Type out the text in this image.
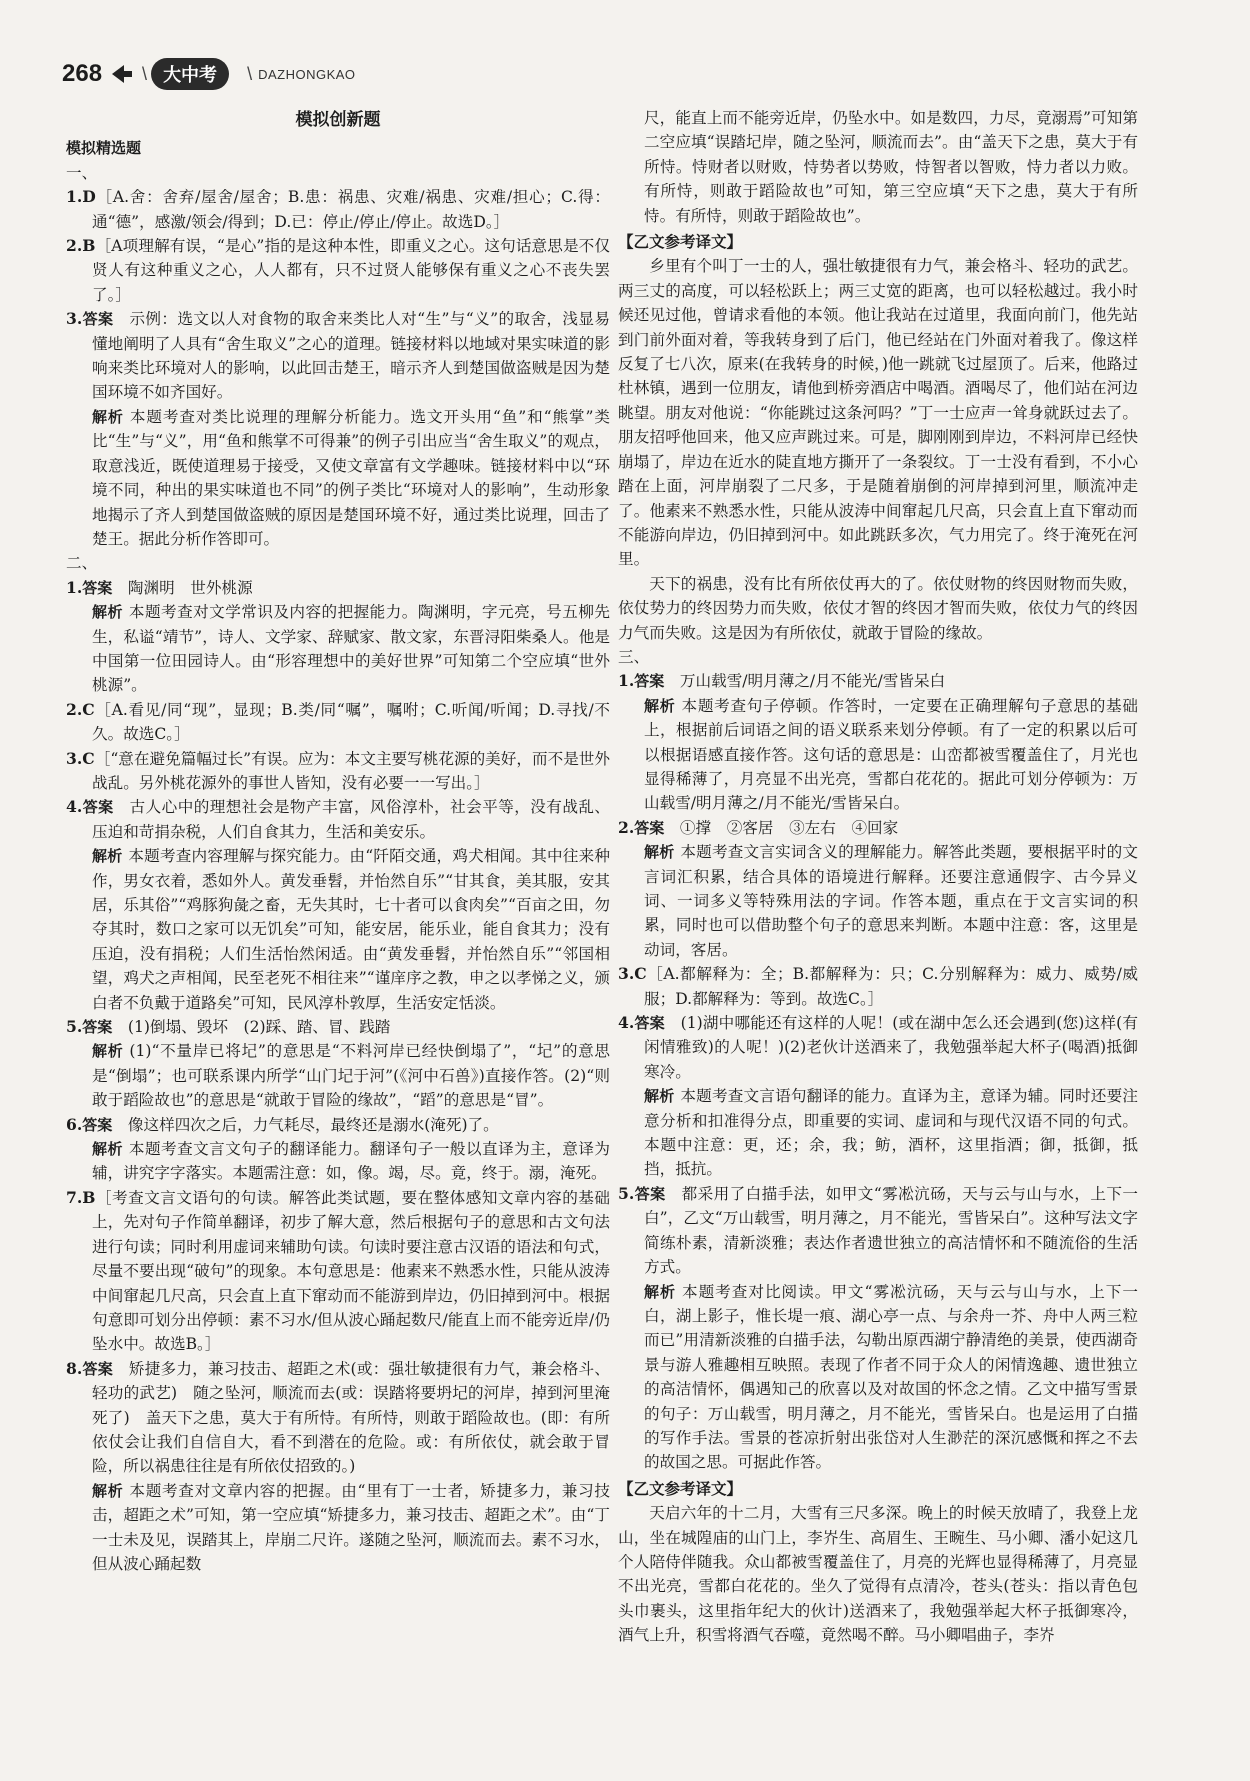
268 \ 大中考	\ DAZHONGKAO
模拟创新题
模拟精选题
一、
1.D［A.舍：舍弃/屋舍/屋舍；B.患：祸患、灾难/祸患、灾难/担心；C.得：通“德”，感激/领会/得到；D.已：停止/停止/停止。故选D。］
2.B［A项理解有误，“是心”指的是这种本性，即重义之心。这句话意思是不仅贤人有这种重义之心，人人都有，只不过贤人能够保有重义之心不丧失罢了。］
3.答案　 示例：选文以人对食物的取舍来类比人对“生”与“义”的取舍，浅显易懂地阐明了人具有“舍生取义”之心的道理。链接材料以地域对果实味道的影响来类比环境对人的影响，以此回击楚王，暗示齐人到楚国做盗贼是因为楚国环境不如齐国好。
解析 本题考查对类比说理的理解分析能力。选文开头用“鱼”和“熊掌”类比“生”与“义”，用“鱼和熊掌不可得兼”的例子引出应当“舍生取义”的观点，取意浅近，既使道理易于接受，又使文章富有文学趣味。链接材料中以“环境不同，种出的果实味道也不同”的例子类比“环境对人的影响”，生动形象地揭示了齐人到楚国做盗贼的原因是楚国环境不好，通过类比说理，回击了楚王。据此分析作答即可。
二、
1.答案　 陶渊明　世外桃源
解析 本题考查对文学常识及内容的把握能力。陶渊明，字元亮，号五柳先生，私谥“靖节”，诗人、文学家、辞赋家、散文家，东晋浔阳柴桑人。他是中国第一位田园诗人。由“形容理想中的美好世界”可知第二个空应填“世外桃源”。
2.C［A.看见/同“现”，显现；B.类/同“嘱”，嘱咐；C.听闻/听闻；D.寻找/不久。故选C。］
3.C［“意在避免篇幅过长”有误。应为：本文主要写桃花源的美好，而不是世外战乱。另外桃花源外的事世人皆知，没有必要一一写出。］
4.答案　 古人心中的理想社会是物产丰富，风俗淳朴，社会平等，没有战乱、压迫和苛捐杂税，人们自食其力，生活和美安乐。
解析 本题考查内容理解与探究能力。由“阡陌交通，鸡犬相闻。其中往来种作，男女衣着，悉如外人。黄发垂髫，并怡然自乐”“甘其食，美其服，安其居，乐其俗”“鸡豚狗彘之畜，无失其时，七十者可以食肉矣”“百亩之田，勿夺其时，数口之家可以无饥矣”可知，能安居，能乐业，能自食其力；没有压迫，没有捐税；人们生活怡然闲适。由“黄发垂髫，并怡然自乐”“邻国相望，鸡犬之声相闻，民至老死不相往来”“谨庠序之教，申之以孝悌之义，颁白者不负戴于道路矣”可知，民风淳朴敦厚，生活安定恬淡。
5.答案　 (1)倒塌、毁坏　(2)踩、踏、冒、践踏
解析 (1)“不量岸已将圮”的意思是“不料河岸已经快倒塌了”，“圮”的意思是“倒塌”；也可联系课内所学“山门圮于河”(《河中石兽》)直接作答。(2)“则敢于蹈险故也”的意思是“就敢于冒险的缘故”，“蹈”的意思是“冒”。
6.答案　 像这样四次之后，力气耗尽，最终还是溺水(淹死)了。
解析 本题考查文言文句子的翻译能力。翻译句子一般以直译为主，意译为辅，讲究字字落实。本题需注意：如，像。竭，尽。竟，终于。溺，淹死。
7.B［考查文言文语句的句读。解答此类试题，要在整体感知文章内容的基础上，先对句子作简单翻译，初步了解大意，然后根据句子的意思和古文句法进行句读；同时利用虚词来辅助句读。句读时要注意古汉语的语法和句式，尽量不要出现“破句”的现象。本句意思是：他素来不熟悉水性，只能从波涛中间窜起几尺高，只会直上直下窜动而不能游到岸边，仍旧掉到河中。根据句意即可划分出停顿：素不习水/但从波心踊起数尺/能直上而不能旁近岸/仍坠水中。故选B。］
8.答案　 矫捷多力，兼习技击、超距之术(或：强壮敏捷很有力气，兼会格斗、轻功的武艺)　随之坠河，顺流而去(或：误踏将要坍圮的河岸，掉到河里淹死了)　盖天下之患，莫大于有所恃。有所恃，则敢于蹈险故也。(即：有所依仗会让我们自信自大，看不到潜在的危险。或：有所依仗，就会敢于冒险，所以祸患往往是有所依仗招致的。)
解析 本题考查对文章内容的把握。由“里有丁一士者，矫捷多力，兼习技击，超距之术”可知，第一空应填“矫捷多力，兼习技击、超距之术”。由“丁一士未及见，误踏其上，岸崩二尺许。遂随之坠河，顺流而去。素不习水，但从波心踊起数
尺，能直上而不能旁近岸，仍坠水中。如是数四，力尽，竟溺焉”可知第二空应填“误踏圮岸，随之坠河，顺流而去”。由“盖天下之患，莫大于有所恃。恃财者以财败，恃势者以势败，恃智者以智败，恃力者以力败。有所恃，则敢于蹈险故也”可知，第三空应填“天下之患，莫大于有所恃。有所恃，则敢于蹈险故也”。
【乙文参考译文】
乡里有个叫丁一士的人，强壮敏捷很有力气，兼会格斗、轻功的武艺。两三丈的高度，可以轻松跃上；两三丈宽的距离，也可以轻松越过。我小时候还见过他，曾请求看他的本领。他让我站在过道里，我面向前门，他先站到门前外面对着，等我转身到了后门，他已经站在门外面对着我了。像这样反复了七八次，原来(在我转身的时候，)他一跳就飞过屋顶了。后来，他路过杜林镇，遇到一位朋友，请他到桥旁酒店中喝酒。酒喝尽了，他们站在河边眺望。朋友对他说：“你能跳过这条河吗？”丁一士应声一耸身就跃过去了。朋友招呼他回来，他又应声跳过来。可是，脚刚刚到岸边，不料河岸已经快崩塌了，岸边在近水的陡直地方撕开了一条裂纹。丁一士没有看到，不小心踏在上面，河岸崩裂了二尺多，于是随着崩倒的河岸掉到河里，顺流冲走了。他素来不熟悉水性，只能从波涛中间窜起几尺高，只会直上直下窜动而不能游向岸边，仍旧掉到河中。如此跳跃多次，气力用完了。终于淹死在河里。
天下的祸患，没有比有所依仗再大的了。依仗财物的终因财物而失败，依仗势力的终因势力而失败，依仗才智的终因才智而失败，依仗力气的终因力气而失败。这是因为有所依仗，就敢于冒险的缘故。
三、
1.答案　 万山载雪/明月薄之/月不能光/雪皆呆白
解析 本题考查句子停顿。作答时，一定要在正确理解句子意思的基础上，根据前后词语之间的语义联系来划分停顿。有了一定的积累以后可以根据语感直接作答。这句话的意思是：山峦都被雪覆盖住了，月光也显得稀薄了，月亮显不出光亮，雪都白花花的。据此可划分停顿为：万山载雪/明月薄之/月不能光/雪皆呆白。
2.答案　 ①撑　②客居　③左右　④回家
解析 本题考查文言实词含义的理解能力。解答此类题，要根据平时的文言词汇积累，结合具体的语境进行解释。还要注意通假字、古今异义词、一词多义等特殊用法的字词。作答本题，重点在于文言实词的积累，同时也可以借助整个句子的意思来判断。本题中注意：客，这里是动词，客居。
3.C［A.都解释为：全；B.都解释为：只；C.分别解释为：威力、威势/威服；D.都解释为：等到。故选C。］
4.答案　 (1)湖中哪能还有这样的人呢！(或在湖中怎么还会遇到(您)这样(有闲情雅致)的人呢！)(2)老伙计送酒来了，我勉强举起大杯子(喝酒)抵御寒冷。
解析 本题考查文言语句翻译的能力。直译为主，意译为辅。同时还要注意分析和扣准得分点，即重要的实词、虚词和与现代汉语不同的句式。本题中注意：更，还；余，我；鲂，酒杯，这里指酒；御，抵御，抵挡，抵抗。
5.答案　 都采用了白描手法，如甲文“雾凇沆砀，天与云与山与水，上下一白”，乙文“万山载雪，明月薄之，月不能光，雪皆呆白”。这种写法文字简练朴素，清新淡雅；表达作者遗世独立的高洁情怀和不随流俗的生活方式。
解析 本题考查对比阅读。甲文“雾凇沆砀，天与云与山与水，上下一白，湖上影子，惟长堤一痕、湖心亭一点、与余舟一芥、舟中人两三粒而已”用清新淡雅的白描手法，勾勒出原西湖宁静清绝的美景，使西湖奇景与游人雅趣相互映照。表现了作者不同于众人的闲情逸趣、遗世独立的高洁情怀，偶遇知己的欣喜以及对故国的怀念之情。乙文中描写雪景的句子：万山载雪，明月薄之，月不能光，雪皆呆白。也是运用了白描的写作手法。雪景的苍凉折射出张岱对人生渺茫的深沉感慨和挥之不去的故国之思。可据此作答。
【乙文参考译文】
天启六年的十二月，大雪有三尺多深。晚上的时候天放晴了，我登上龙山，坐在城隍庙的山门上，李岕生、高眉生、王畹生、马小卿、潘小妃这几个人陪侍伴随我。众山都被雪覆盖住了，月亮的光辉也显得稀薄了，月亮显不出光亮，雪都白花花的。坐久了觉得有点清冷，苍头(苍头：指以青色包头巾裹头，这里指年纪大的伙计)送酒来了，我勉强举起大杯子抵御寒冷，酒气上升，积雪将酒气吞噬，竟然喝不醉。马小卿唱曲子，李岕
